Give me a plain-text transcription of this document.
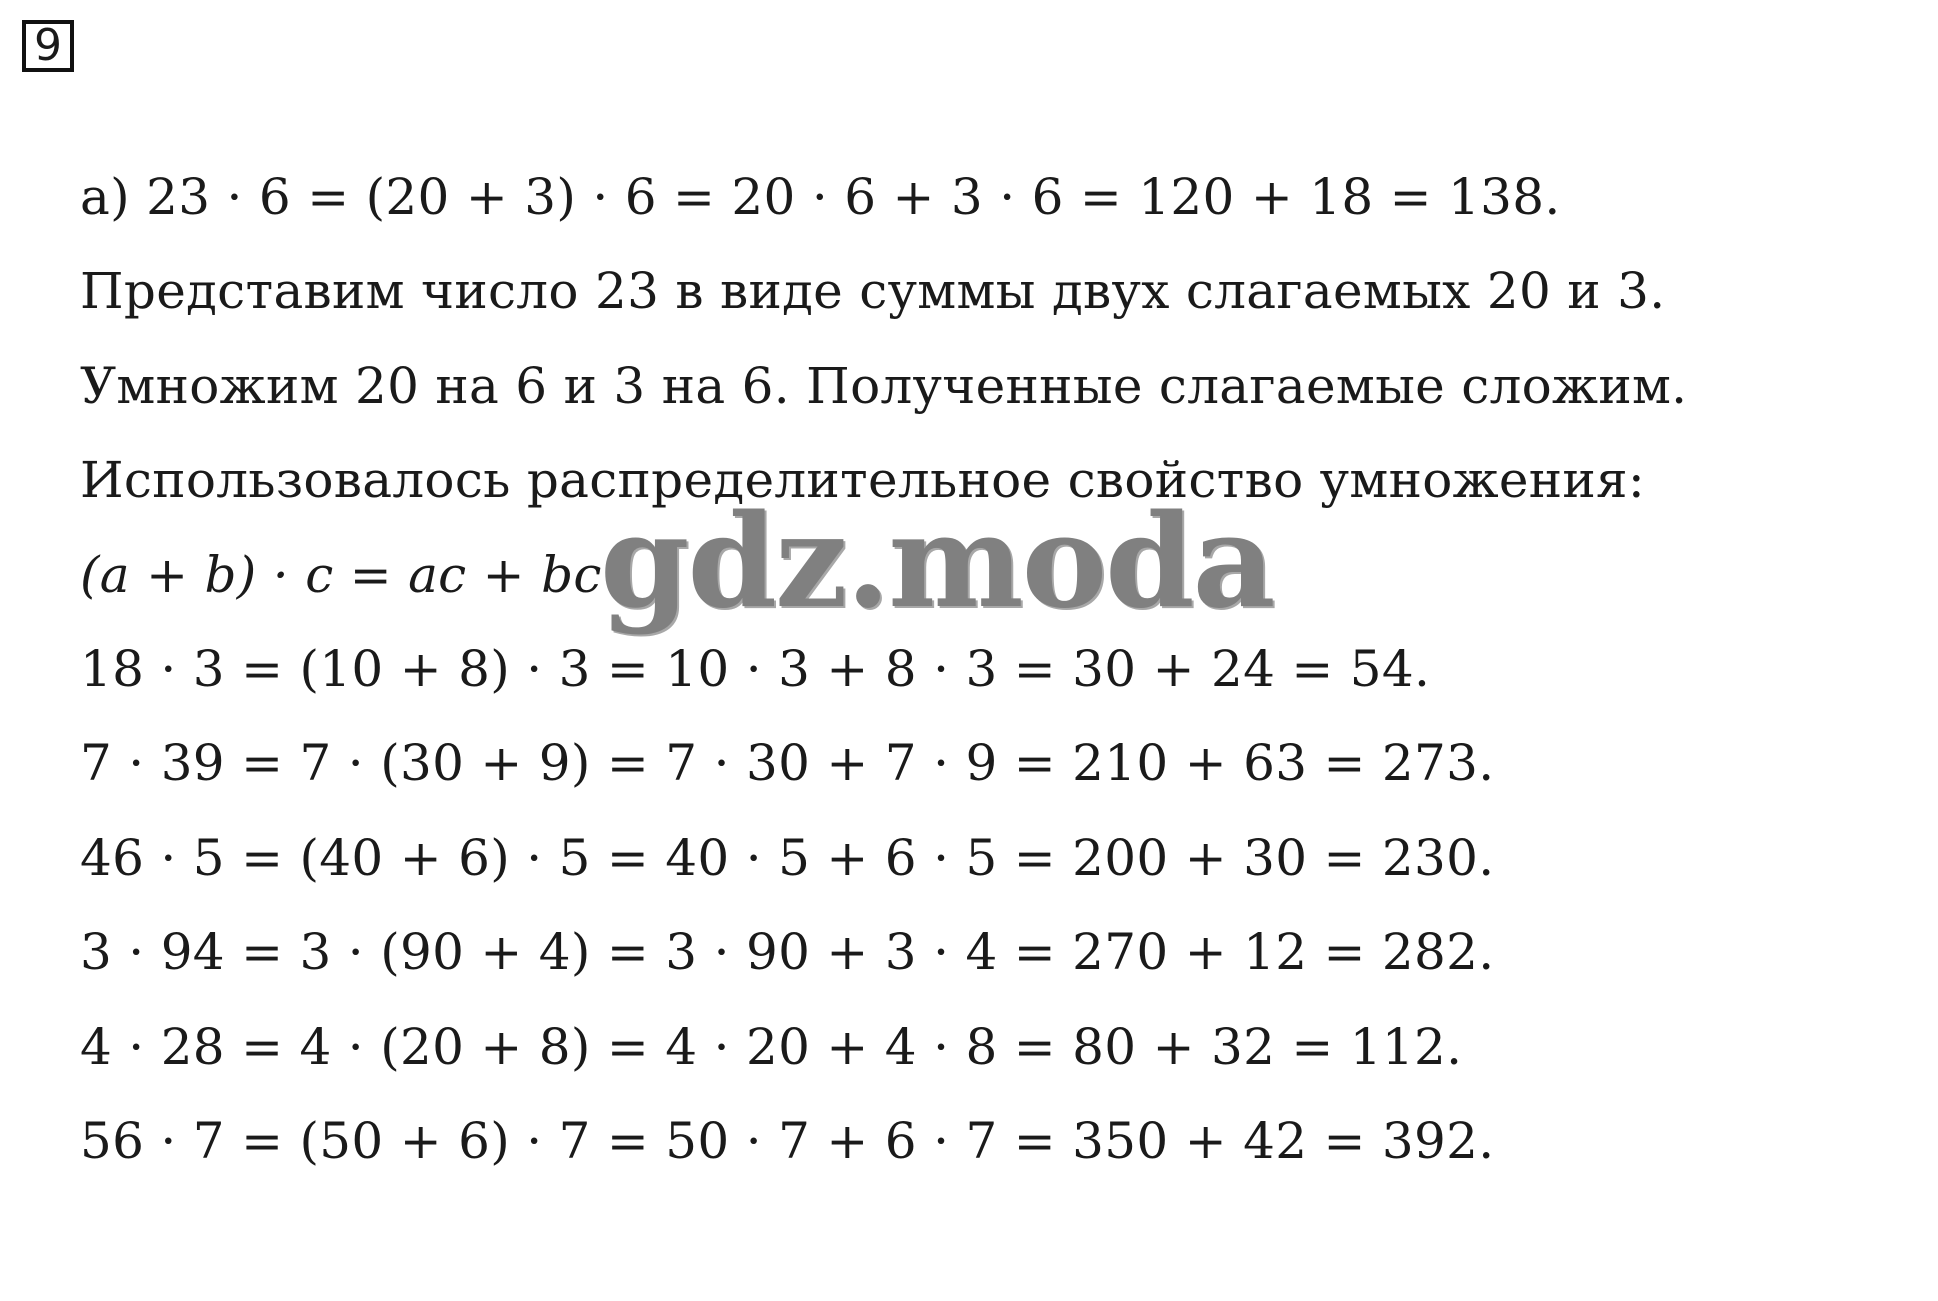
9
а) 23 · 6 = (20 + 3) · 6 = 20 · 6 + 3 · 6 = 120 + 18 = 138.
Представим число 23 в виде суммы двух слагаемых 20 и 3.
Умножим 20 на 6 и 3 на 6. Полученные слагаемые сложим.
Использовалось распределительное свойство умножения:
(a + b) · c = ac + bc
18 · 3 = (10 + 8) · 3 = 10 · 3 + 8 · 3 = 30 + 24 = 54.
7 · 39 = 7 · (30 + 9) = 7 · 30 + 7 · 9 = 210 + 63 = 273.
46 · 5 = (40 + 6) · 5 = 40 · 5 + 6 · 5 = 200 + 30 = 230.
3 · 94 = 3 · (90 + 4) = 3 · 90 + 3 · 4 = 270 + 12 = 282.
4 · 28 = 4 · (20 + 8) = 4 · 20 + 4 · 8 = 80 + 32 = 112.
56 · 7 = (50 + 6) · 7 = 50 · 7 + 6 · 7 = 350 + 42 = 392.
gdz.moda
